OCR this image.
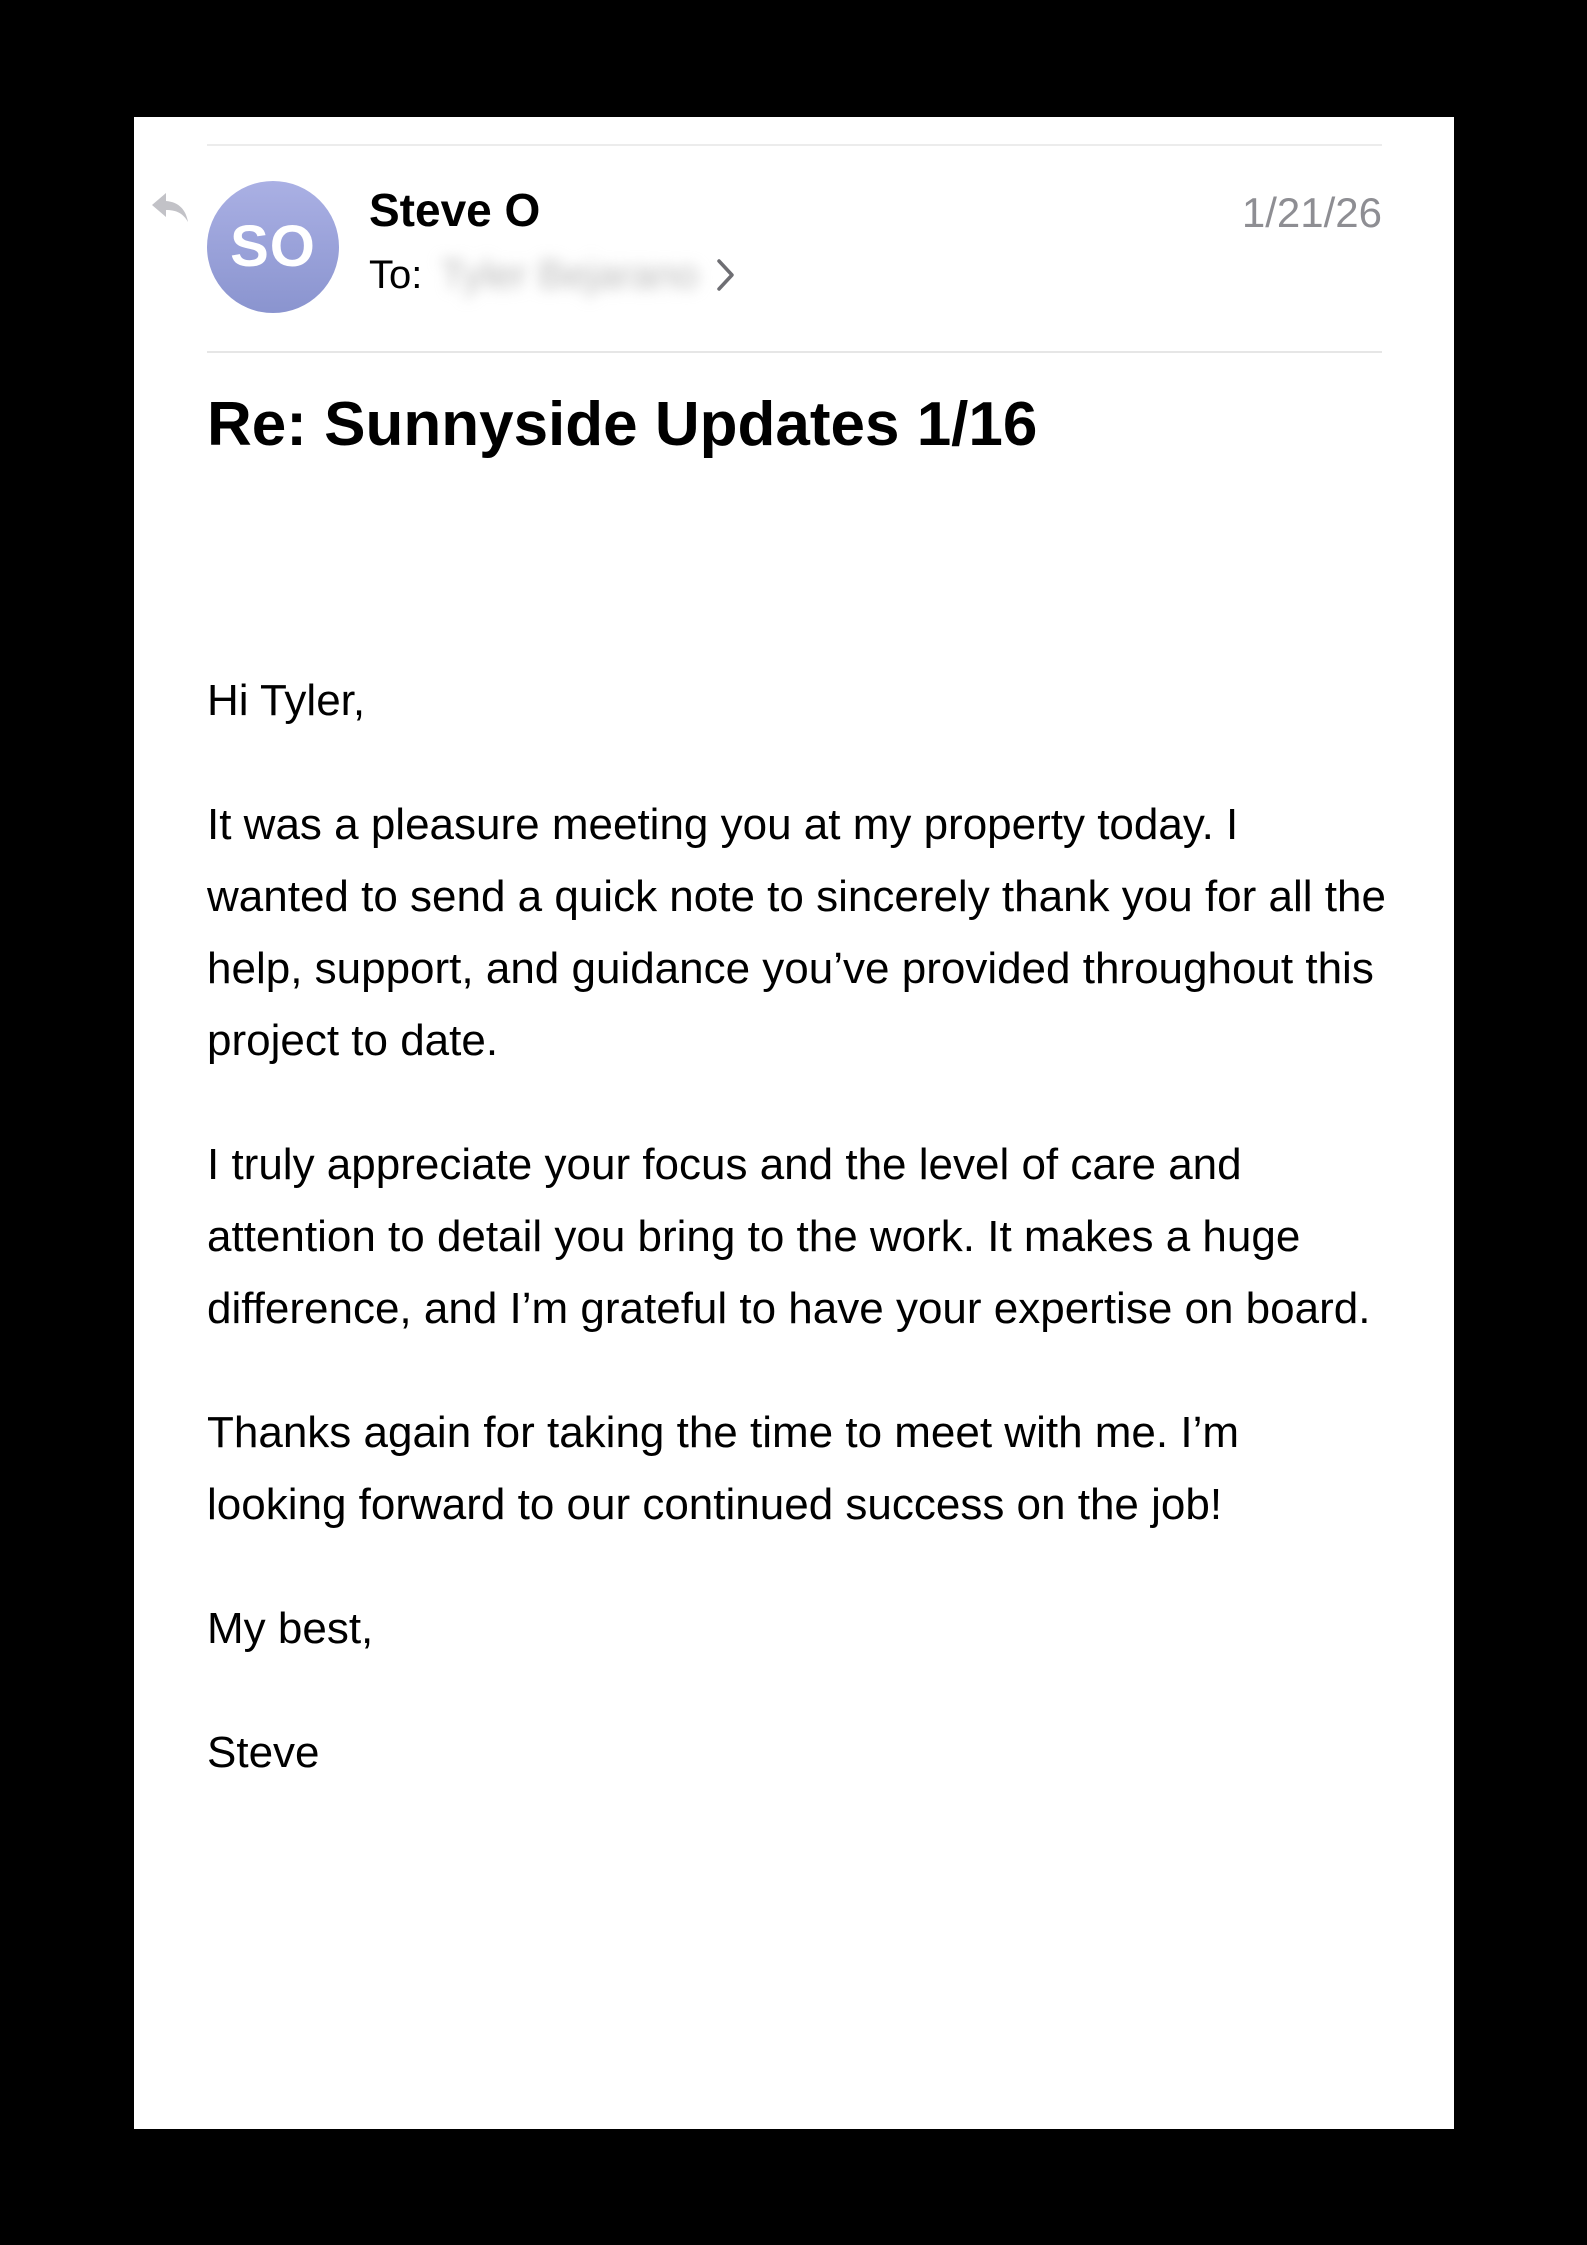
SO
Steve O
To: Tyler Bejarano
1/21/26
Re: Sunnyside Updates 1/16

Hi Tyler,

It was a pleasure meeting you at my property today. I wanted to send a quick note to sincerely thank you for all the help, support, and guidance you’ve provided throughout this project to date.

I truly appreciate your focus and the level of care and attention to detail you bring to the work. It makes a huge difference, and I’m grateful to have your expertise on board.

Thanks again for taking the time to meet with me. I’m looking forward to our continued success on the job!

My best,

Steve
